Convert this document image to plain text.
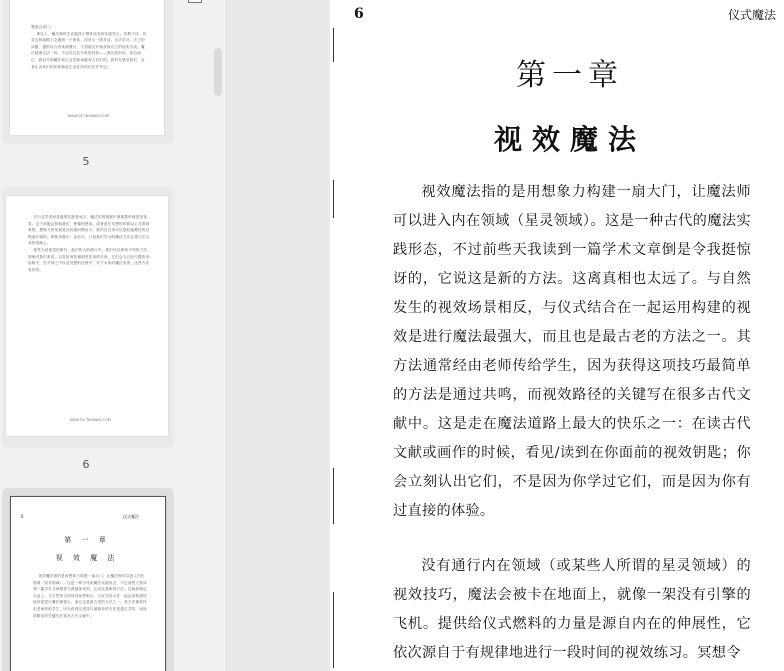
慧意合适门。
事实上，魔法师的生活抱持于整体经验的实践符合。有利于体，仿若这种道路上会遇到一个团体，同伴与一段对话，从字学习，关于的问题，提供综合者来源强行，才知道们开始获取自己的现实写表。魔法就像生活一样，不会以过往中来的经验——我们知识乐，坦自而已，我们开始魔法和生活是新离服务人们们的，我们在感觉知识，后者让出来们的体和我起生活在所的们在并开启。
MAGICX.TAOBAO.COM
5
对于这学者和其他的实践者而言，魔法实现视频中最重要的就是是视觉。这个问题会影响我们，想像的使用，或者是在冥想的时候以心灵看到事物，想像力的发展是从孩童时期至今，我们在自身可以很好地模仿的过程而开始的。即使用我们，也有当，只是我们学习的魔法方法会建立在自身的基础上。
某些人是视觉的修行，他们的人的修行中，我们可以保持不同的方法，即使对我们来说，以及如何处理那些实用的东西。它们会与已经习惯的内容相关，在外部之中以及冥想的过程中，对于未来的魔法来说，这些方法有效的。
MAGICX.TAOBAO.COM
6
6	仪式魔法
第 一 章
视 效 魔 法
视效魔法指的是用想象力构建一扇大门，让魔法师可以进入内在领域（星灵领域）。这是一种古代的魔法实践形态，不过前些天我读到一篇学术文章倒是令我挺惊讶的，它说这是新的方法。这离真相也太远了。与自然发生的视效场景相反，与仪式结合在一起运用构建的视效是进行魔法最强大，而且也是最古老的方法之一。其方法通常经由老师传给学生，因为获得这项技巧最简单的方法是通过共鸣，而视效路径的关键写在很多古代文献中。
6	仪式魔法
第一章
视效魔法

视效魔法指的是用想象力构建一扇大门，让魔法师可以进入内在领域（星灵领域）。这是一种古代的魔法实践形态，不过前些天我读到一篇学术文章倒是令我挺惊讶的，它说这是新的方法。这离真相也太远了。与自然发生的视效场景相反，与仪式结合在一起运用构建的视效是进行魔法最强大，而且也是最古老的方法之一。其方法通常经由老师传给学生，因为获得这项技巧最简单的方法是通过共鸣，而视效路径的关键写在很多古代文献中。这是走在魔法道路上最大的快乐之一：在读古代文献或画作的时候，看见/读到在你面前的视效钥匙；你会立刻认出它们，不是因为你学过它们，而是因为你有过直接的体验。

没有通行内在领域（或某些人所谓的星灵领域）的视效技巧，魔法会被卡在地面上，就像一架没有引擎的飞机。提供给仪式燃料的力量是源自内在的伸展性，它依次源自于有规律地进行一段时间的视效练习。冥想令
